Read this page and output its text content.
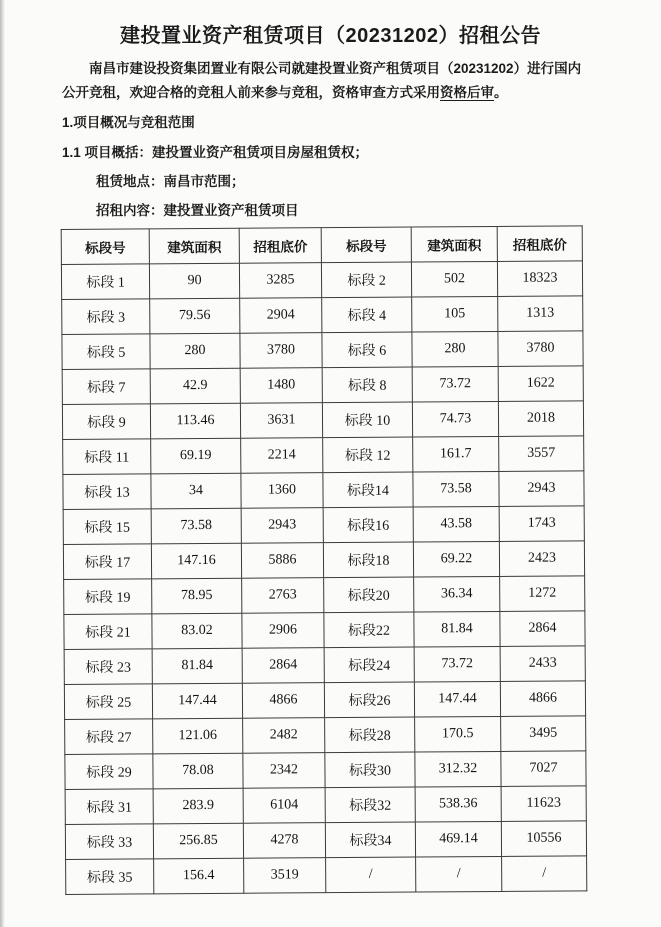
建投置业资产租赁项目（20231202）招租公告

南昌市建设投资集团置业有限公司就建投置业资产租赁项目（20231202）进行国内
公开竞租，欢迎合格的竞租人前来参与竞租，资格审查方式采用资格后审。

1.项目概况与竞租范围

1.1 项目概括：建投置业资产租赁项目房屋租赁权；

租赁地点：南昌市范围；

招租内容：建投置业资产租赁项目

标段号	建筑面积	招租底价	标段号	建筑面积	招租底价
标段 1	90	3285	标段 2	502	18323
标段 3	79.56	2904	标段 4	105	1313
标段 5	280	3780	标段 6	280	3780
标段 7	42.9	1480	标段 8	73.72	1622
标段 9	113.46	3631	标段 10	74.73	2018
标段 11	69.19	2214	标段 12	161.7	3557
标段 13	34	1360	标段14	73.58	2943
标段 15	73.58	2943	标段16	43.58	1743
标段 17	147.16	5886	标段18	69.22	2423
标段 19	78.95	2763	标段20	36.34	1272
标段 21	83.02	2906	标段22	81.84	2864
标段 23	81.84	2864	标段24	73.72	2433
标段 25	147.44	4866	标段26	147.44	4866
标段 27	121.06	2482	标段28	170.5	3495
标段 29	78.08	2342	标段30	312.32	7027
标段 31	283.9	6104	标段32	538.36	11623
标段 33	256.85	4278	标段34	469.14	10556
标段 35	156.4	3519	/	/	/
